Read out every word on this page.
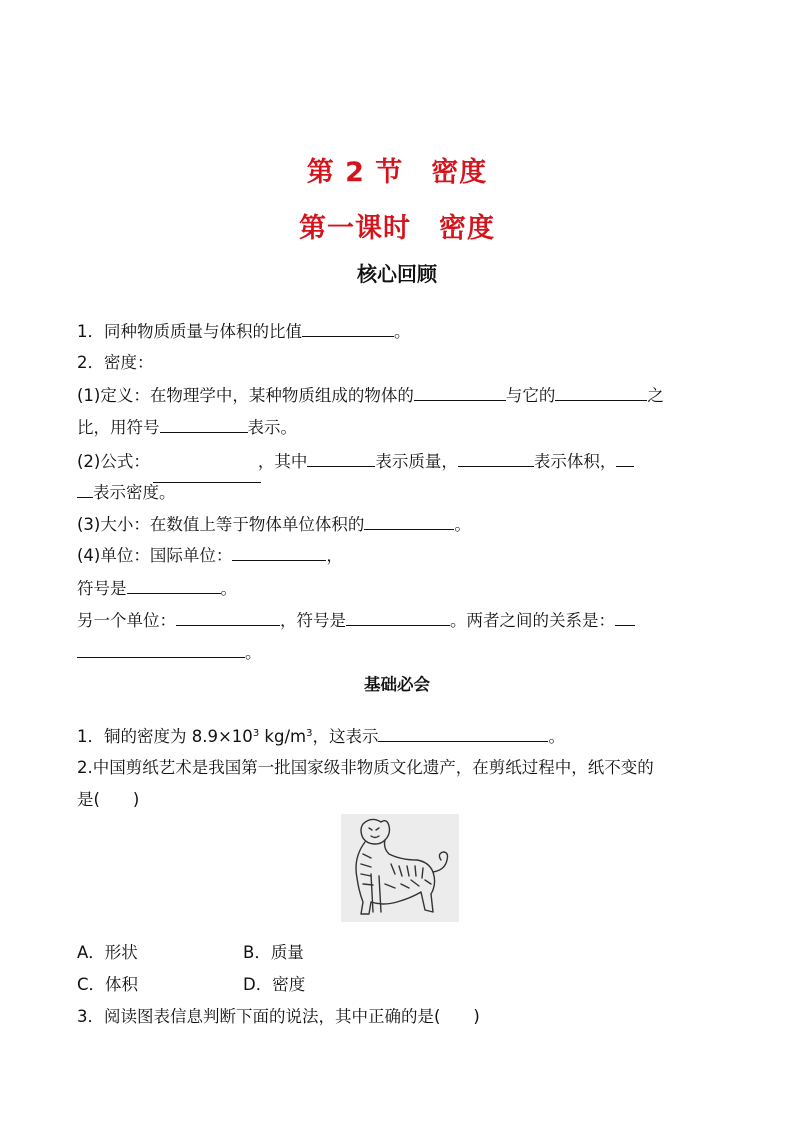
第 2 节　密度
第一课时　密度
核心回顾
1．同种物质质量与体积的比值	。
2．密度：
(1)定义：在物理学中，某种物质组成的物体的	与它的	之
比，用符号	表示。
(2)公式：	，其中	表示质量，	表示体积，
表示密度。
(3)大小：在数值上等于物体单位体积的	。
(4)单位：国际单位：	，
符号是	。
另一个单位：	，符号是	。两者之间的关系是：
。
基础必会
1．铜的密度为 $8.9\times 10^3$ $kg/m^3$，这表示	。
2.中国剪纸艺术是我国第一批国家级非物质文化遗产，在剪纸过程中，纸不变的
是(　　)
A．形状	B．质量
C．体积	D．密度
3．阅读图表信息判断下面的说法，其中正确的是(　　)
